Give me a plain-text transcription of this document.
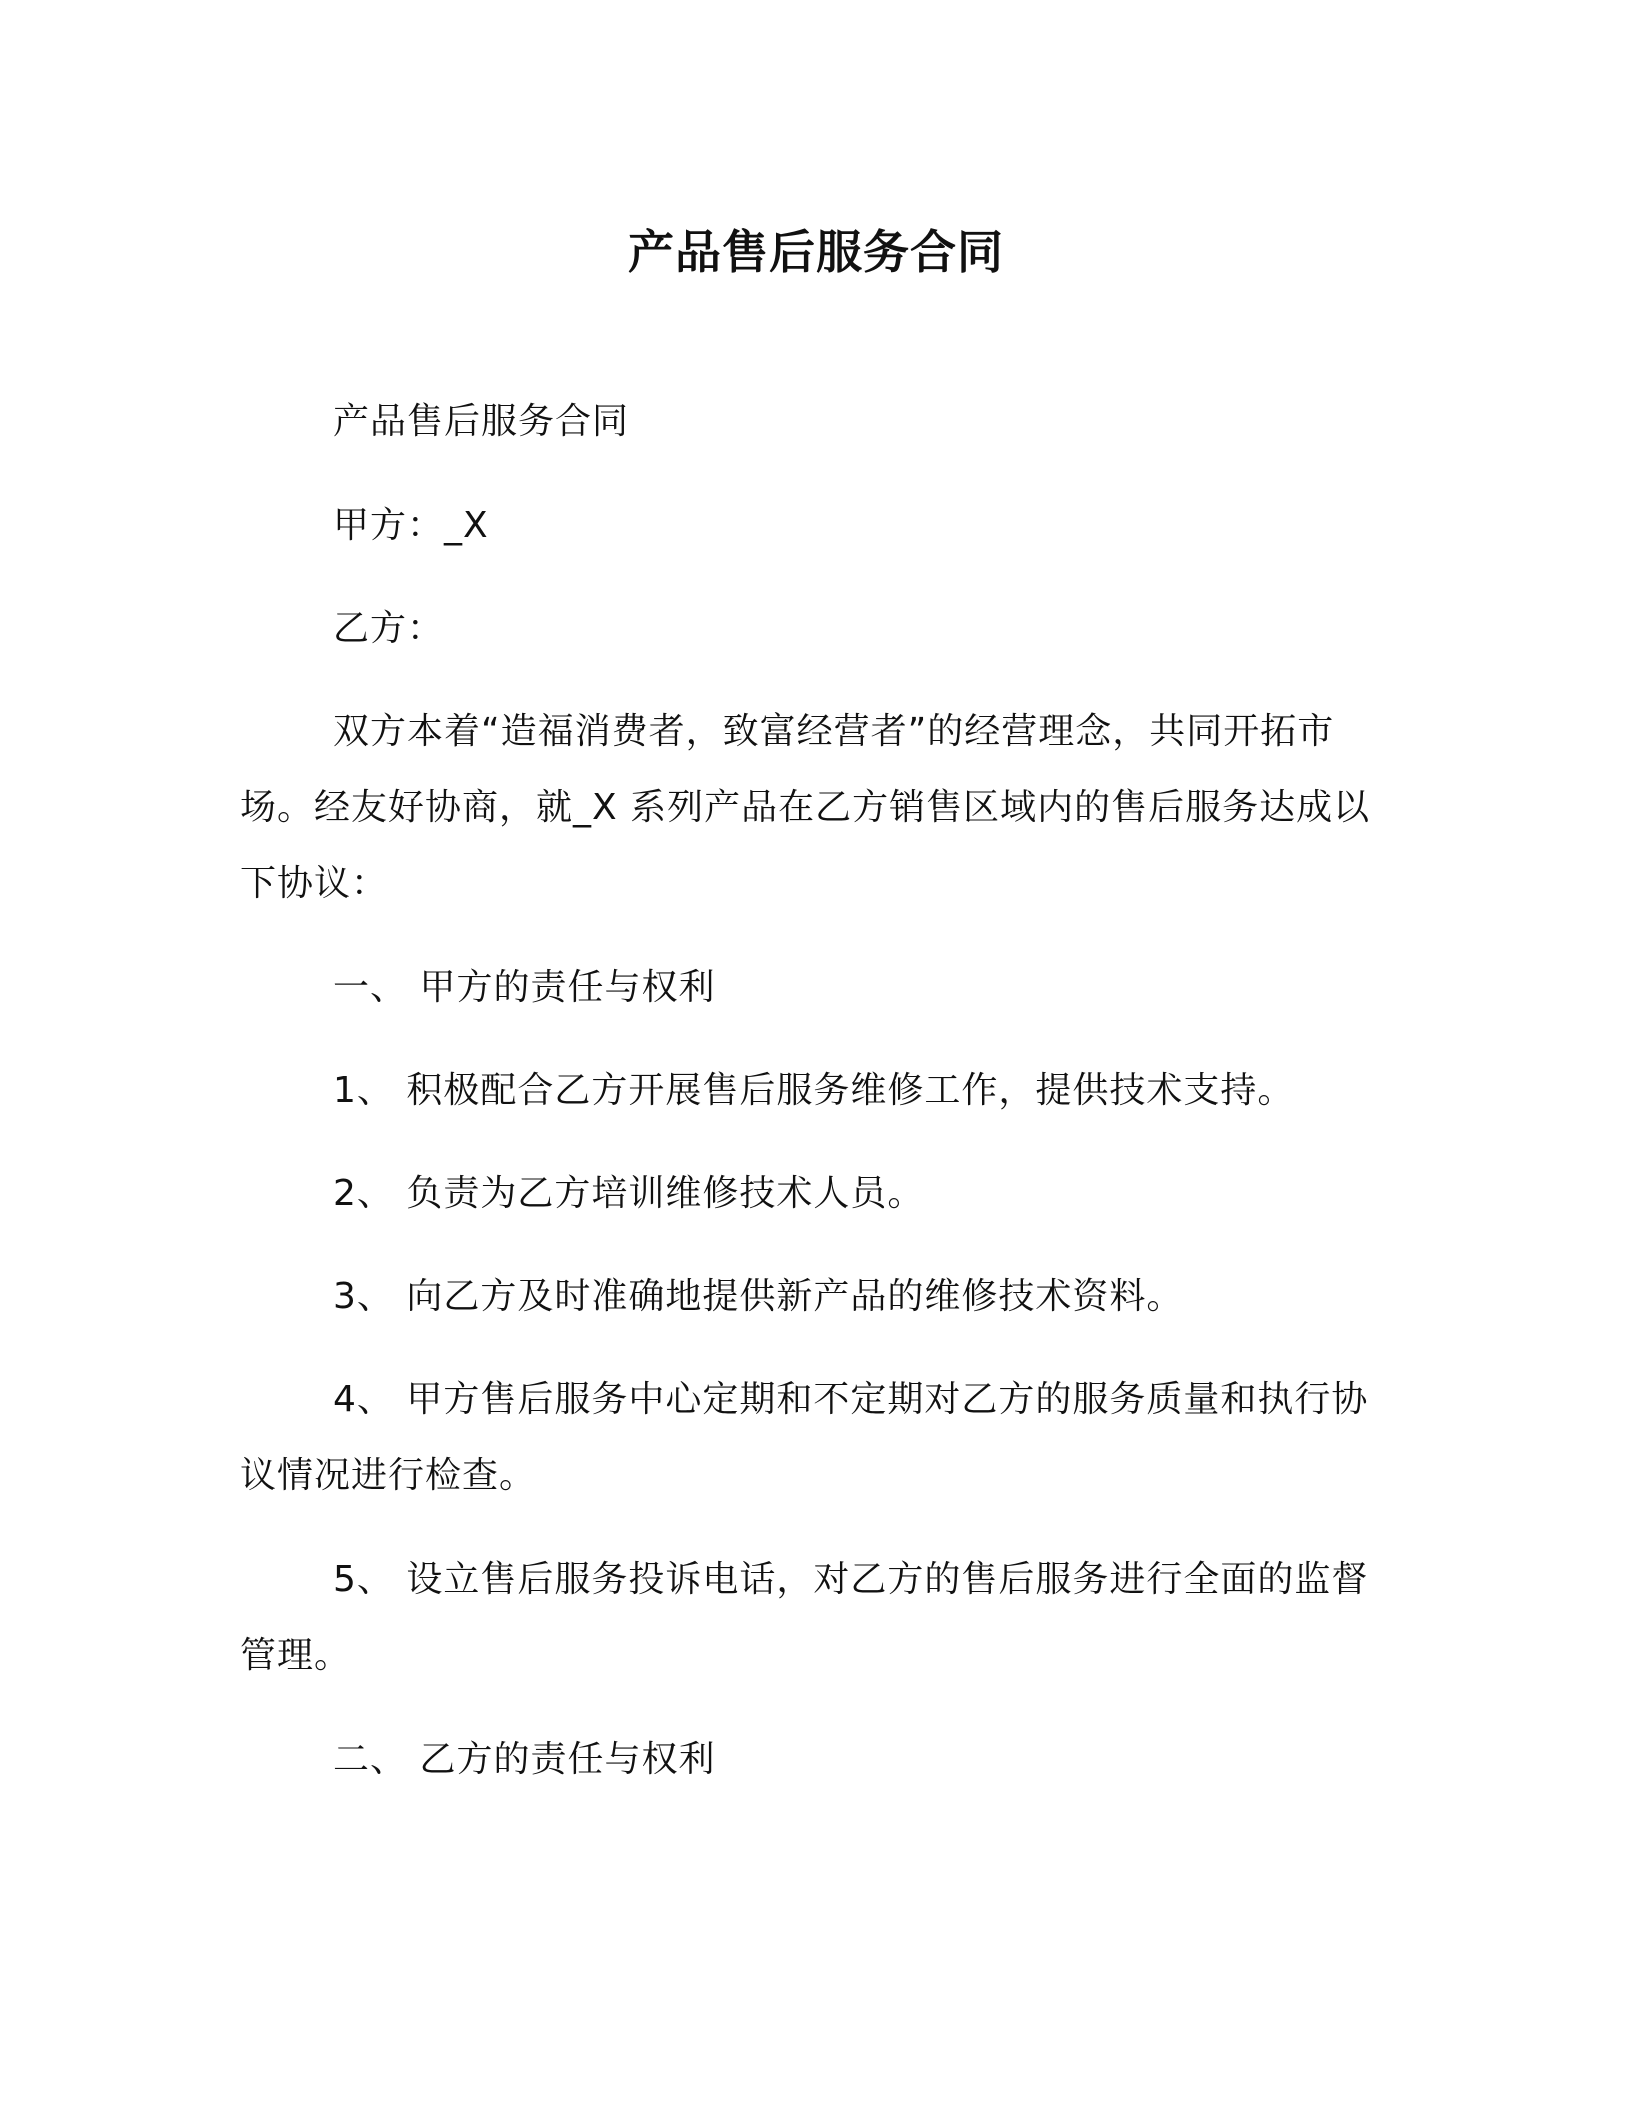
产品售后服务合同
产品售后服务合同
甲方：_X
乙方：
双方本着“造福消费者，致富经营者”的经营理念，共同开拓市
场。经友好协商，就_X 系列产品在乙方销售区域内的售后服务达成以
下协议：
一、 甲方的责任与权利
1、 积极配合乙方开展售后服务维修工作，提供技术支持。
2、 负责为乙方培训维修技术人员。
3、 向乙方及时准确地提供新产品的维修技术资料。
4、 甲方售后服务中心定期和不定期对乙方的服务质量和执行协
议情况进行检查。
5、 设立售后服务投诉电话，对乙方的售后服务进行全面的监督
管理。
二、 乙方的责任与权利
